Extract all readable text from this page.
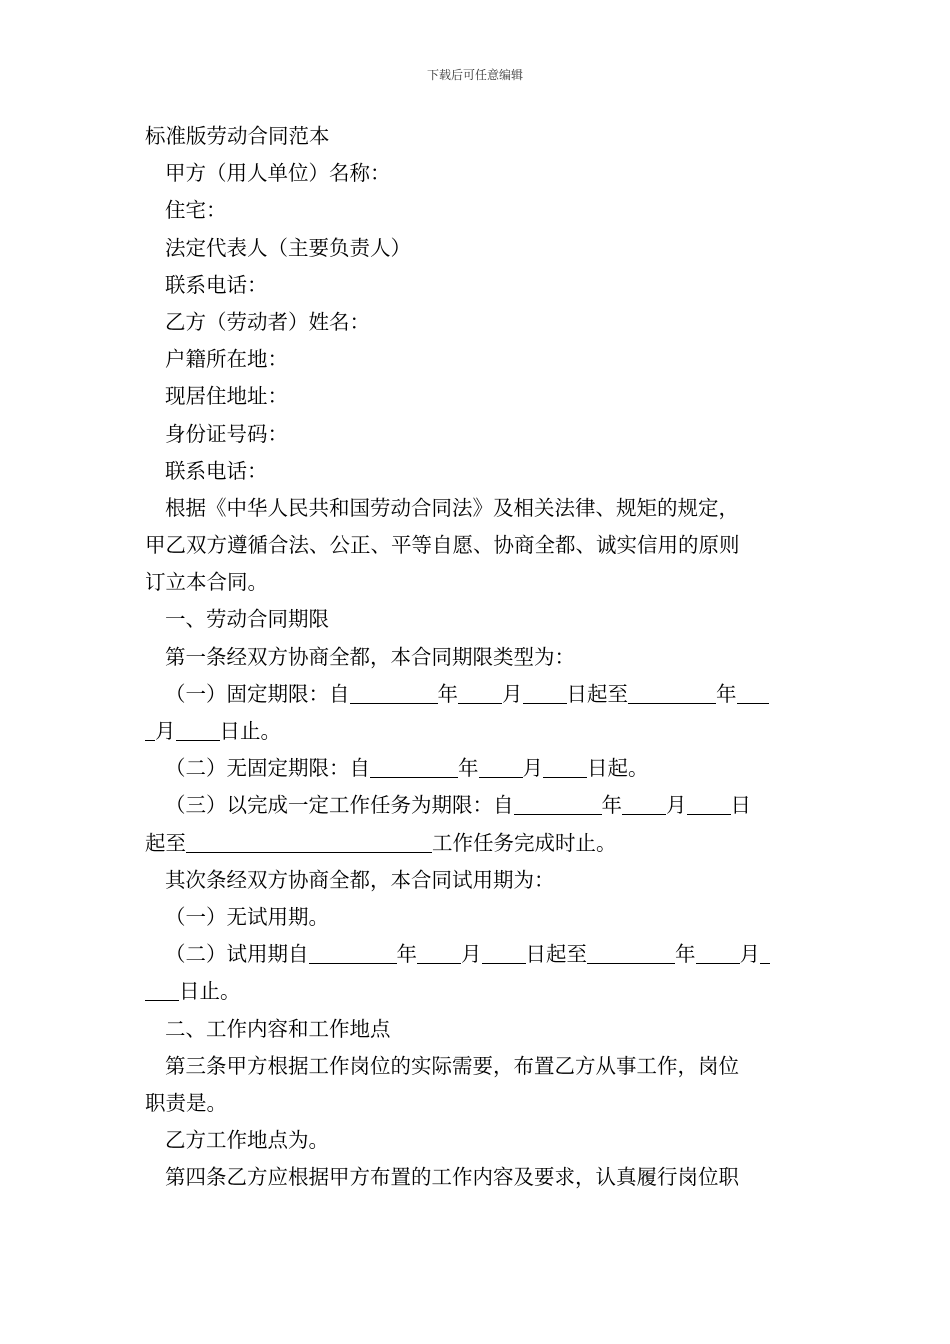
下载后可任意编辑
标准版劳动合同范本
甲方（用人单位）名称：
住宅：
法定代表人（主要负责人）
联系电话：
乙方（劳动者）姓名：
户籍所在地：
现居住地址：
身份证号码：
联系电话：
根据《中华人民共和国劳动合同法》及相关法律、规矩的规定，
甲乙双方遵循合法、公正、平等自愿、协商全都、诚实信用的原则
订立本合同。
一、劳动合同期限
第一条经双方协商全都，本合同期限类型为：
（一）固定期限：自	年 月 日起至	年
月 日止。
（二）无固定期限：自	年 月 日起。
（三）以完成一定工作任务为期限：自	年 月 日
起至	工作任务完成时止。
其次条经双方协商全都，本合同试用期为：
（一）无试用期。
（二）试用期自	年 月 日起至	年 月
日止。
二、工作内容和工作地点
第三条甲方根据工作岗位的实际需要，布置乙方从事工作，岗位
职责是。
乙方工作地点为。
第四条乙方应根据甲方布置的工作内容及要求，认真履行岗位职
